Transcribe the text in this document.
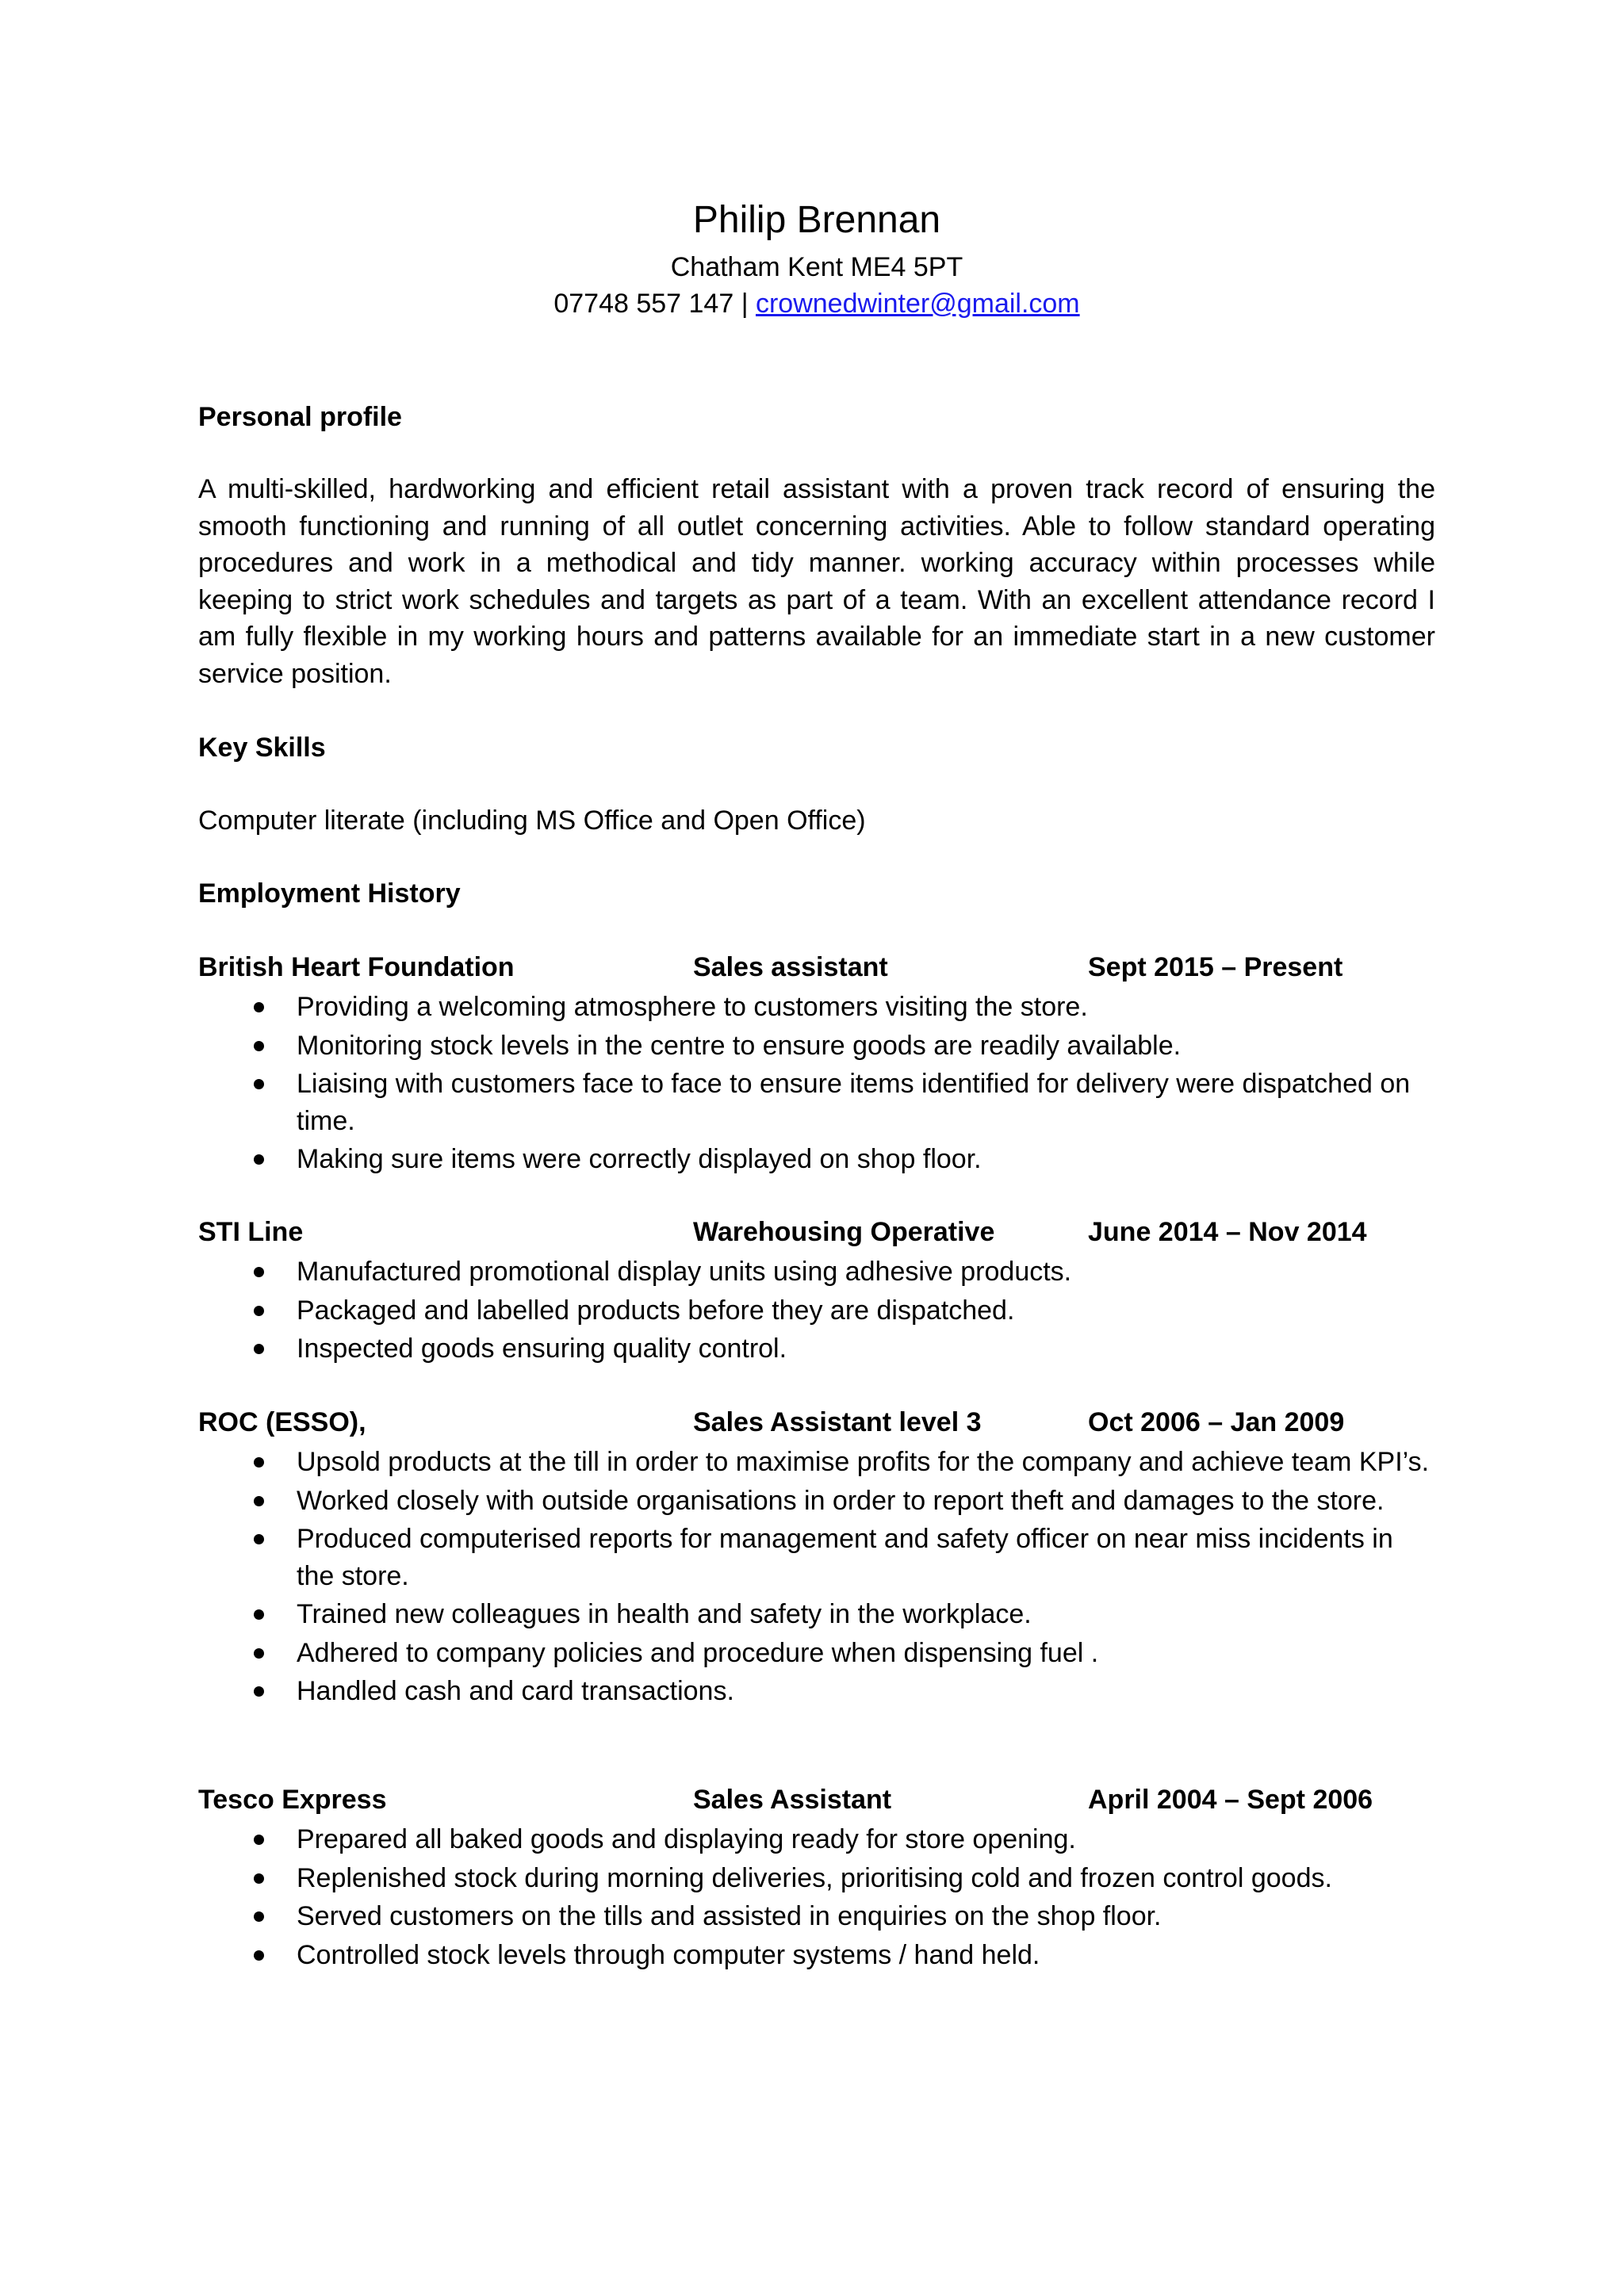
Philip Brennan
Chatham Kent ME4 5PT
07748 557 147 | crownedwinter@gmail.com
Personal profile

A multi-skilled, hardworking and efficient retail assistant with a proven track record of ensuring the smooth functioning and running of all outlet concerning activities. Able to follow standard operating procedures and work in a methodical and tidy manner. working accuracy within processes while keeping to strict work schedules and targets as part of a team. With an excellent attendance record I am fully flexible in my working hours and patterns available for an immediate start in a new customer service position.

Key Skills

Computer literate (including MS Office and Open Office)

Employment History
British Heart Foundation	Sales assistant	Sept 2015 – Present
Providing a welcoming atmosphere to customers visiting the store.
Monitoring stock levels in the centre to ensure goods are readily available.
Liaising with customers face to face to ensure items identified for delivery were dispatched on time.
Making sure items were correctly displayed on shop floor.
STI Line	Warehousing Operative	June 2014 – Nov 2014
Manufactured promotional display units using adhesive products.
Packaged and labelled products before they are dispatched.
Inspected goods ensuring quality control.
ROC (ESSO),	Sales Assistant level 3	Oct 2006 – Jan 2009
Upsold products at the till in order to maximise profits for the company and achieve team KPI’s.
Worked closely with outside organisations in order to report theft and damages to the store.
Produced computerised reports for management and safety officer on near miss incidents in the store.
Trained new colleagues in health and safety in the workplace.
Adhered to company policies and procedure when dispensing fuel .
Handled cash and card transactions.
Tesco Express	Sales Assistant	April 2004 – Sept 2006
Prepared all baked goods and displaying ready for store opening.
Replenished stock during morning deliveries, prioritising cold and frozen control goods.
Served customers on the tills and assisted in enquiries on the shop floor.
Controlled stock levels through computer systems / hand held.
